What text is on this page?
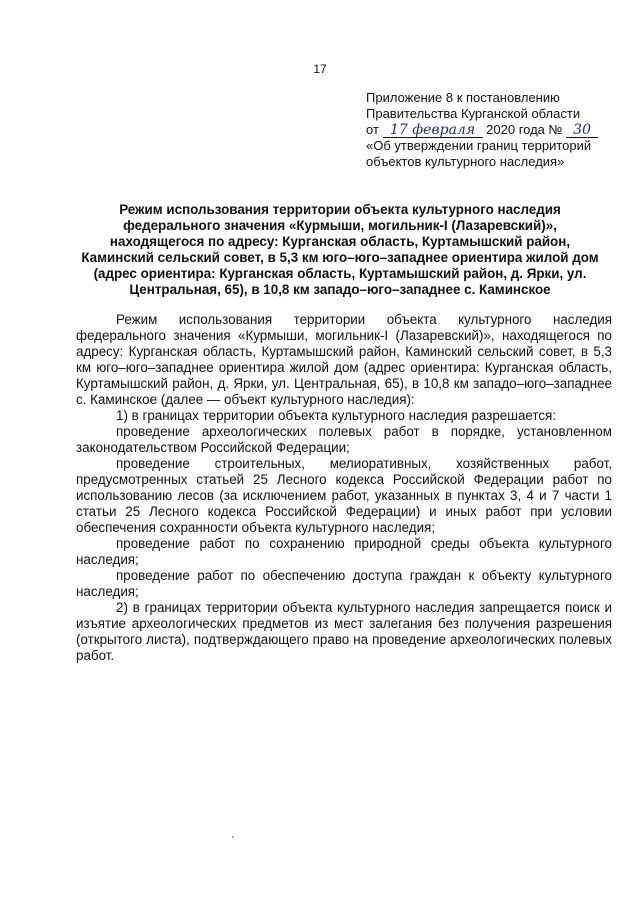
17
Приложение 8 к постановлению
Правительства Курганской области
от 17 февраля 2020 года № 30
«Об утверждении границ территорий
объектов культурного наследия»
Режим использования территории объекта культурного наследия федерального значения «Курмыши, могильник-I (Лазаревский)», находящегося по адресу: Курганская область, Куртамышский район, Каминский сельский совет, в 5,3 км юго–юго–западнее ориентира жилой дом (адрес ориентира: Курганская область, Куртамышский район, д. Ярки, ул. Центральная, 65), в 10,8 км западо–юго–западнее с. Каминское

Режим использования территории объекта культурного наследия федерального значения «Курмыши, могильник-I (Лазаревский)», находящегося по адресу: Курганская область, Куртамышский район, Каминский сельский совет, в 5,3 км юго–юго–западнее ориентира жилой дом (адрес ориентира: Курганская область, Куртамышский район, д. Ярки, ул. Центральная, 65), в 10,8 км западо–юго–западнее с. Каминское (далее — объект культурного наследия):

1) в границах территории объекта культурного наследия разрешается:

проведение археологических полевых работ в порядке, установленном законодательством Российской Федерации;

проведение строительных, мелиоративных, хозяйственных работ, предусмотренных статьей 25 Лесного кодекса Российской Федерации работ по использованию лесов (за исключением работ, указанных в пунктах 3, 4 и 7 части 1 статьи 25 Лесного кодекса Российской Федерации) и иных работ при условии обеспечения сохранности объекта культурного наследия;

проведение работ по сохранению природной среды объекта культурного наследия;

проведение работ по обеспечению доступа граждан к объекту культурного наследия;

2) в границах территории объекта культурного наследия запрещается поиск и изъятие археологических предметов из мест залегания без получения разрешения (открытого листа), подтверждающего право на проведение археологических полевых работ.
